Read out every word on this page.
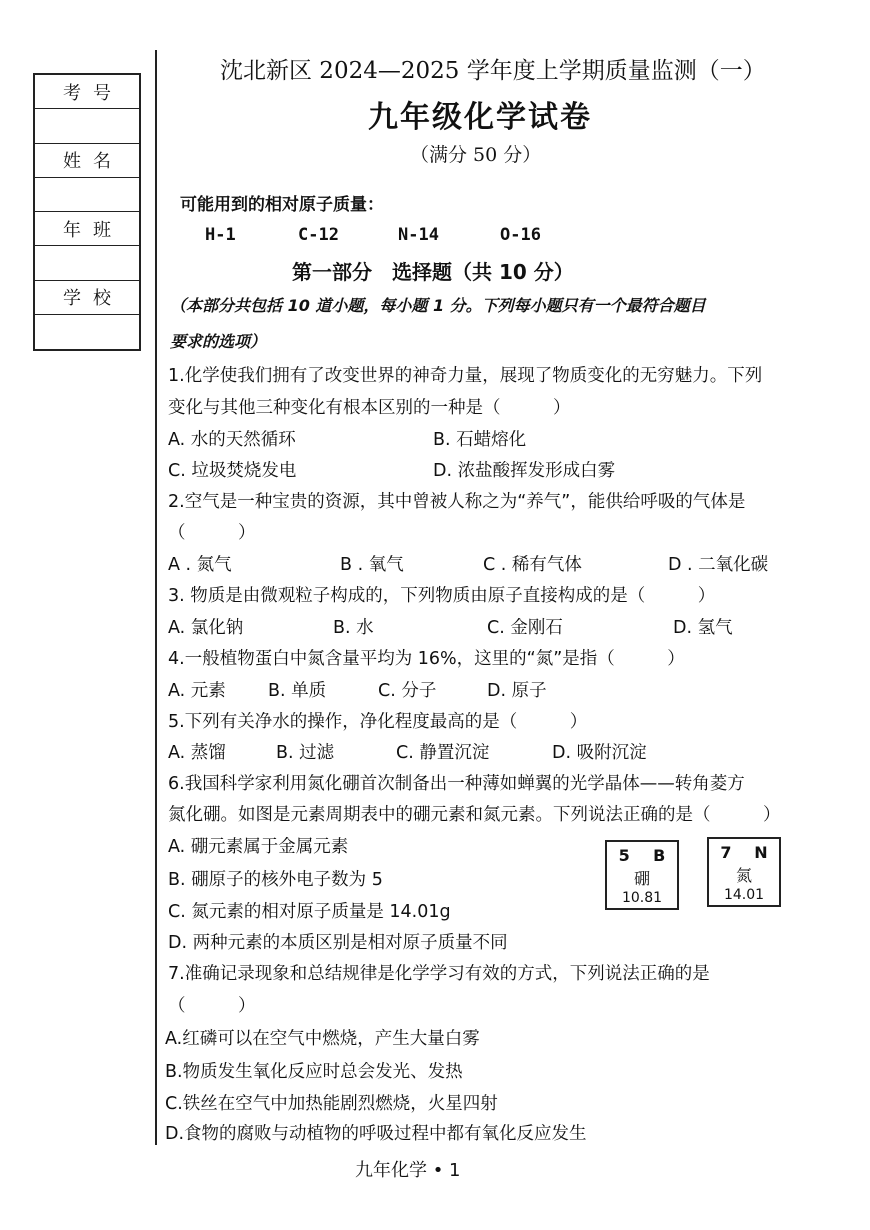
考号
姓名
年班
学校
沈北新区 2024—2025 学年度上学期质量监测（一）
九年级化学试卷
（满分 50 分）
可能用到的相对原子质量：
H-1	C-12	N-14	O-16
第一部分　选择题（共 10 分）
（本部分共包括 10 道小题，每小题 1 分。下列每小题只有一个最符合题目
要求的选项）
1.化学使我们拥有了改变世界的神奇力量，展现了物质变化的无穷魅力。下列
变化与其他三种变化有根本区别的一种是（　　　）
A. 水的天然循环	B. 石蜡熔化
C. 垃圾焚烧发电	D. 浓盐酸挥发形成白雾
2.空气是一种宝贵的资源，其中曾被人称之为“养气”，能供给呼吸的气体是
（　　　）
A . 氮气	B . 氧气	C . 稀有气体	D . 二氧化碳
3. 物质是由微观粒子构成的，下列物质由原子直接构成的是（　　　）
A. 氯化钠	B. 水	C. 金刚石	D. 氢气
4.一般植物蛋白中氮含量平均为 16%，这里的“氮”是指（　　　）
A. 元素 B. 单质	C. 分子	D. 原子
5.下列有关净水的操作，净化程度最高的是（　　　）
A. 蒸馏	B. 过滤	C. 静置沉淀	D. 吸附沉淀
6.我国科学家利用氮化硼首次制备出一种薄如蝉翼的光学晶体——转角菱方
氮化硼。如图是元素周期表中的硼元素和氮元素。下列说法正确的是（　　　）
A. 硼元素属于金属元素
B. 硼原子的核外电子数为 5
C. 氮元素的相对原子质量是 14.01g
D. 两种元素的本质区别是相对原子质量不同
5 B
硼
10.81
7 N
氮
14.01
7.准确记录现象和总结规律是化学学习有效的方式，下列说法正确的是
（　　　）
A.红磷可以在空气中燃烧，产生大量白雾
B.物质发生氧化反应时总会发光、发热
C.铁丝在空气中加热能剧烈燃烧，火星四射
D.食物的腐败与动植物的呼吸过程中都有氧化反应发生
九年化学 • 1
